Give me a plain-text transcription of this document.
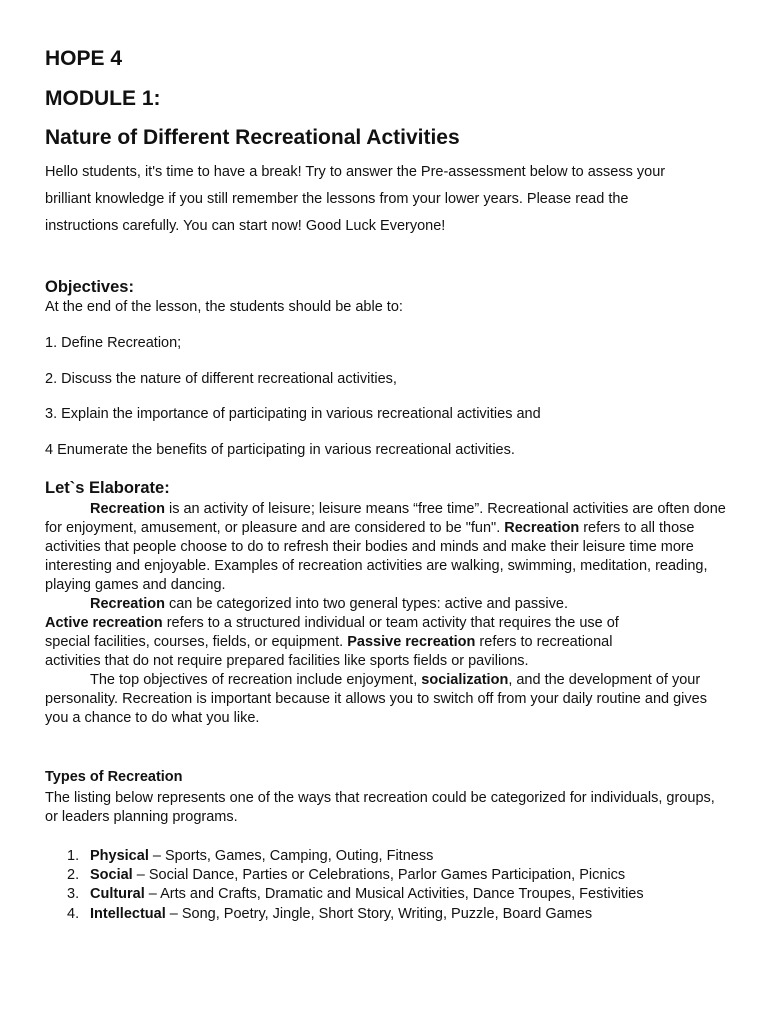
HOPE 4
MODULE 1:
Nature of Different Recreational Activities
Hello students, it's time to have a break! Try to answer the Pre-assessment below to assess your
brilliant knowledge if you still remember the lessons from your lower years. Please read the
instructions carefully. You can start now! Good Luck Everyone!
Objectives:
At the end of the lesson, the students should be able to:
1. Define Recreation;
2. Discuss the nature of different recreational activities,
3. Explain the importance of participating in various recreational activities and
4 Enumerate the benefits of participating in various recreational activities.
Let`s Elaborate:
Recreation is an activity of leisure; leisure means “free time”. Recreational activities are often done for enjoyment, amusement, or pleasure and are considered to be "fun". Recreation refers to all those activities that people choose to do to refresh their bodies and minds and make their leisure time more interesting and enjoyable. Examples of recreation activities are walking, swimming, meditation, reading, playing games and dancing.
Recreation can be categorized into two general types: active and passive.
Active recreation refers to a structured individual or team activity that requires the use of
special facilities, courses, fields, or equipment. Passive recreation refers to recreational
activities that do not require prepared facilities like sports fields or pavilions.
The top objectives of recreation include enjoyment, socialization, and the development of your personality. Recreation is important because it allows you to switch off from your daily routine and gives you a chance to do what you like.
Types of Recreation
The listing below represents one of the ways that recreation could be categorized for individuals, groups, or leaders planning programs.
1. Physical – Sports, Games, Camping, Outing, Fitness
2. Social – Social Dance, Parties or Celebrations, Parlor Games Participation, Picnics
3. Cultural – Arts and Crafts, Dramatic and Musical Activities, Dance Troupes, Festivities
4. Intellectual – Song, Poetry, Jingle, Short Story, Writing, Puzzle, Board Games
